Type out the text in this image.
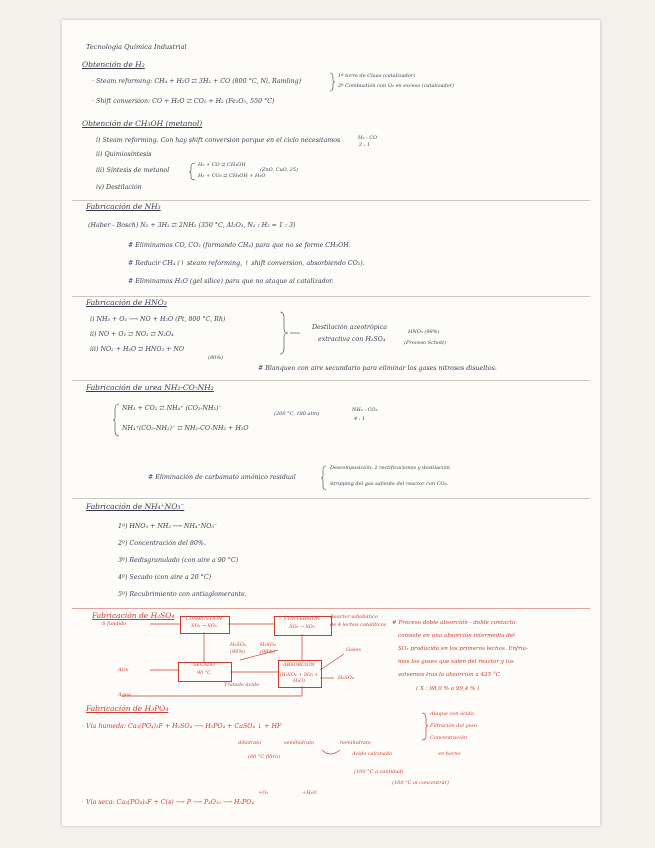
Tecnología Química Industrial
Obtención de H₂
· Steam reforming: CH₄ + H₂O ⇄ 3H₂ + CO (800 °C, Ni, Ramling)
· Shift conversion: CO + H₂O ⇄ CO₂ + H₂ (Fe₂O₃, 550 °C)
1ª torre de Claus (catalizador)
2ª Combustión con O₂ en exceso (catalizador)
Obtención de CH₃OH (metanol)
i) Steam reforming. Con hay shift conversion porque en el ciclo necesitamos	H₂ : CO
2 : 1
ii) Quimiosíntesis
iii) Síntesis de metanol
H₂ + CO ⇄ CH₃OH
H₂ + CO₂ ⇄ CH₃OH + H₂O
(ZnO, CuO, 25)
iv) Destilación
Fabricación de NH₃
(Haber - Bosch) N₂ + 3H₂ ⇄ 2NH₃ (350 °C, Al₂O₃, N₂ : H₂ = 1 : 3)
# Eliminamos CO, CO₂ (formando CH₄) para que no se forme CH₃OH.
# Reducir CH₄ (↑ steam reforming, ↑ shift conversion, absorbiendo CO₂).
# Eliminamos H₂O (gel sílice) para que no ataque al catalizador.
Fabricación de HNO₃
i) NH₃ + O₂ ⟶ NO + H₂O (Pt, 800 °C, Rh)
ii) NO + O₂ ⇄ NO₂ ⇄ N₂O₄
iii) NO₂ + H₂O ⇄ HNO₃ + NO
(90%)
Destilación azeotrópica
extractiva con H₂SO₄
HNO₃ (98%)
(Proceso Schott)
# Blanqueo con aire secundario para eliminar los gases nitrosos disueltos.
Fabricación de urea NH₂-CO-NH₂
NH₃ + CO₂ ⇄ NH₄⁺ (CO₂-NH₂)⁻
NH₄⁺(CO₂-NH₂)⁻ ⇄ NH₂-CO-NH₂ + H₂O
(200 °C, 180 atm)
NH₃ : CO₂
4 : 1
# Eliminación de carbamato amónico residual
Descomposición: 2 rectificaciones y destilación.
Stripping del gas saliente del reactor con CO₂.
Fabricación de NH₄⁺NO₃⁻
1º) HNO₃ + NH₃ ⟶ NH₄⁺NO₃⁻
2º) Concentración del 80%.
3º) Redisgranulado (con aire a 90 °C)
4º) Secado (con aire a 20 °C)
5º) Recubrimiento con antiaglomerante.
Fabricación de H₂SO₄
S fundido
Aire
Agua
COMBUSTIÓN
SO₂ → SO₃
CONVERSIÓN
SO₂ → SO₃
Reactor adiabático
de 4 lechos catalíticos
SECADO
90 °C
ABSORCIÓN
(H₂SO₄ + SO₃ + H₂O)
H₂SO₄
(98%)
H₂SO₄
(98%)
Tratado ácido
Gases
H₂SO₄
# Proceso doble absorción - doble contacto:
consiste en una absorción intermedia del
SO₃ producido en los primeros lechos. Enfria-
mos los gases que salen del reactor y los
volvemos tras la absorción a 425 °C.
( X : 98,0 % a 99,4 % )
Fabricación de H₃PO₄
· Vía húmeda: Ca₅(PO₄)₃F + H₂SO₄ ⟶ H₃PO₄ + CaSO₄ ↓ + HF
dihidrato	semihidrato	hemihidrato
(60 °C filtro)
(100 °C a cantidad)
Ataque con ácido.
Filtración del yeso
Concentración
Ácido calcinado	en horno
(100 °C al concentrar)
· Vía seca: Ca₅(PO₄)₃F + C(s) ⟶ P ⟶ P₄O₁₀ ⟶ H₃PO₄
+O₂	+H₂O
